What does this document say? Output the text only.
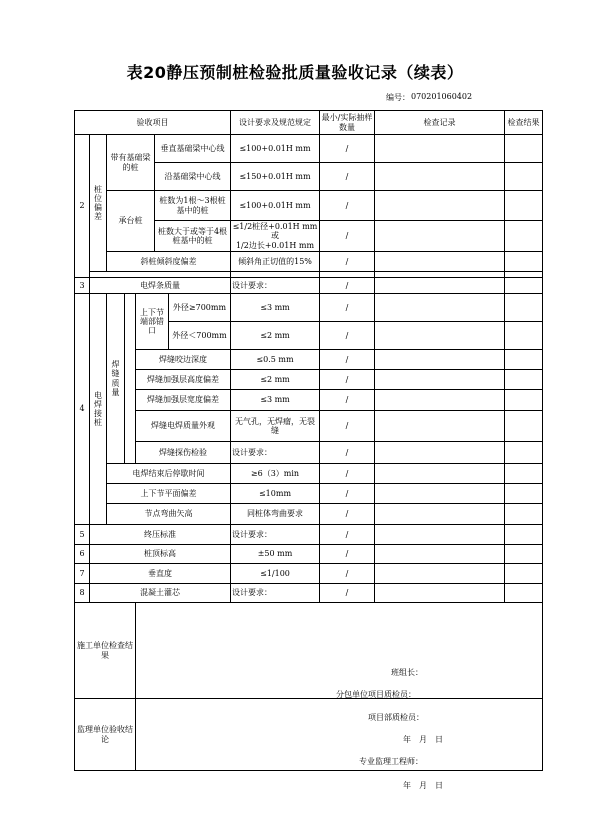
表20静压预制桩检验批质量验收记录（续表）
编号： 070201060402
验收项目							设计要求及规范规定	最小/实际抽样数量	检查记录	检查结果
2	桩位偏差	带有基础梁的桩			垂直基础梁中心线		≤100+0.01H mm	/		
					沿基础梁中心线		≤150+0.01H mm	/		
		承台桩			桩数为1根～3根桩基中的桩		≤100+0.01H mm	/		
					桩数大于或等于4根桩基中的桩		≤1/2桩径+0.01H mm
或
1/2边长+0.01H mm	/		
		斜桩倾斜度偏差					倾斜角正切值的15%	/		

3	电焊条质量						设计要求：	/		
4	电焊接桩	焊缝质量		上下节端部错口		外径≥700mm	≤3 mm	/		
						外径＜700mm	≤2 mm	/		
				焊缝咬边深度			≤0.5 mm	/		
				焊缝加强层高度偏差			≤2 mm	/		
				焊缝加强层宽度偏差			≤3 mm	/		
				焊缝电焊质量外观			无气孔，无焊瘤，无裂缝	/		
				焊缝探伤检验			设计要求：	/		
		电焊结束后停歇时间					≥6（3）min	/		
		上下节平面偏差					≤10mm	/		
		节点弯曲矢高					同桩体弯曲要求	/		
5	终压标准						设计要求：	/		
6	桩顶标高						±50 mm	/		
7	垂直度						≤1/100	/		
8	混凝土灌芯						设计要求：	/		
施工单位检查结果				班组长：
分包单位项目质检员：
项目部质检员：
年　月　日						

监理单位验收结论				专业监理工程师：
年　月　日						
